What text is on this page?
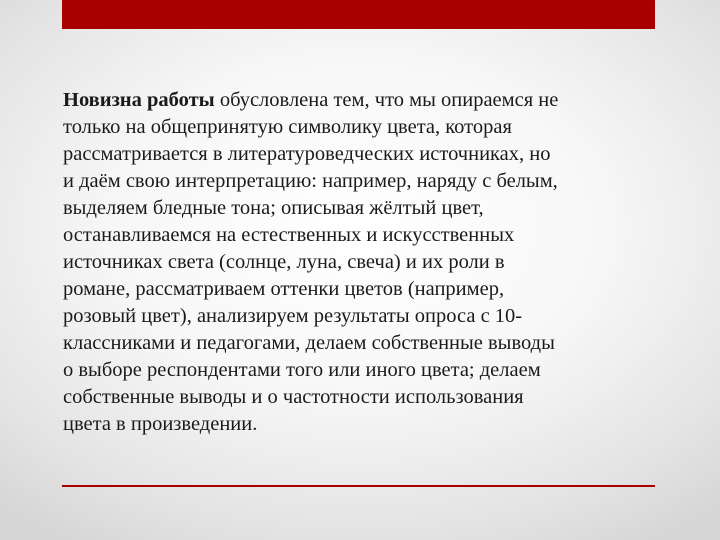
Новизна работы обусловлена тем, что мы опираемся не
только на общепринятую символику цвета, которая
рассматривается в литературоведческих источниках, но
и даём свою интерпретацию: например, наряду с белым,
выделяем бледные тона; описывая жёлтый цвет,
останавливаемся на естественных и искусственных
источниках света (солнце, луна, свеча) и их роли в
романе, рассматриваем оттенки цветов (например,
розовый цвет), анализируем результаты опроса с 10-
классниками и педагогами, делаем собственные выводы
о выборе респондентами того или иного цвета; делаем
собственные выводы и о частотности использования
цвета в произведении.
